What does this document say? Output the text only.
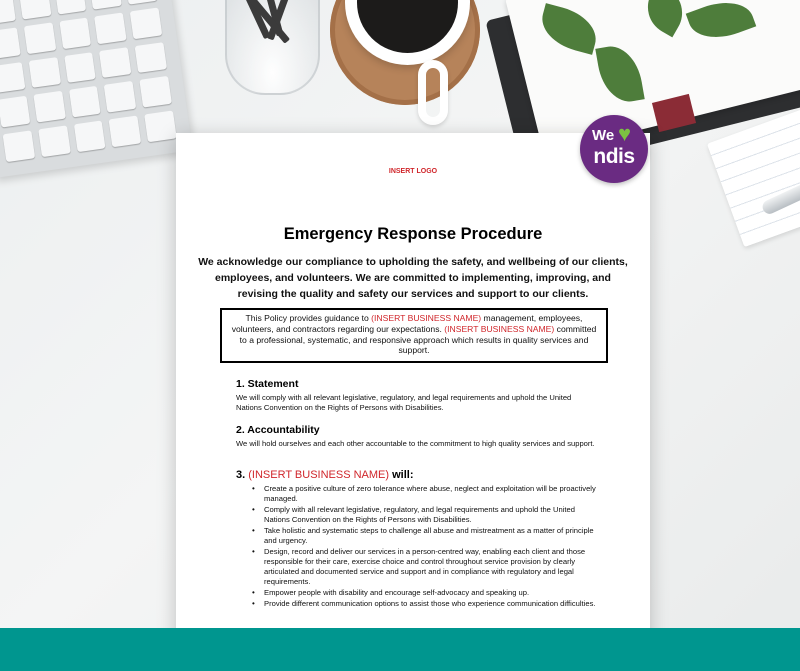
INSERT LOGO
Emergency Response Procedure
We acknowledge our compliance to upholding the safety, and wellbeing of our clients, employees, and volunteers. We are committed to implementing, improving, and revising the quality and safety our services and support to our clients.
This Policy provides guidance to (INSERT BUSINESS NAME) management, employees, volunteers, and contractors regarding our expectations. (INSERT BUSINESS NAME) committed to a professional, systematic, and responsive approach which results in quality services and support.
1. Statement

We will comply with all relevant legislative, regulatory, and legal requirements and uphold the United Nations Convention on the Rights of Persons with Disabilities.

2. Accountability

We will hold ourselves and each other accountable to the commitment to high quality services and support.

3. (INSERT BUSINESS NAME) will:
• Create a positive culture of zero tolerance where abuse, neglect and exploitation will be proactively managed.
• Comply with all relevant legislative, regulatory, and legal requirements and uphold the United Nations Convention on the Rights of Persons with Disabilities.
• Take holistic and systematic steps to challenge all abuse and mistreatment as a matter of principle and urgency.
• Design, record and deliver our services in a person-centred way, enabling each client and those responsible for their care, exercise choice and control throughout service provision by clearly articulated and documented service and support and in compliance with regulatory and legal requirements.
• Empower people with disability and encourage self-advocacy and speaking up.
• Provide different communication options to assist those who experience communication difficulties.
We ♥
ndis
